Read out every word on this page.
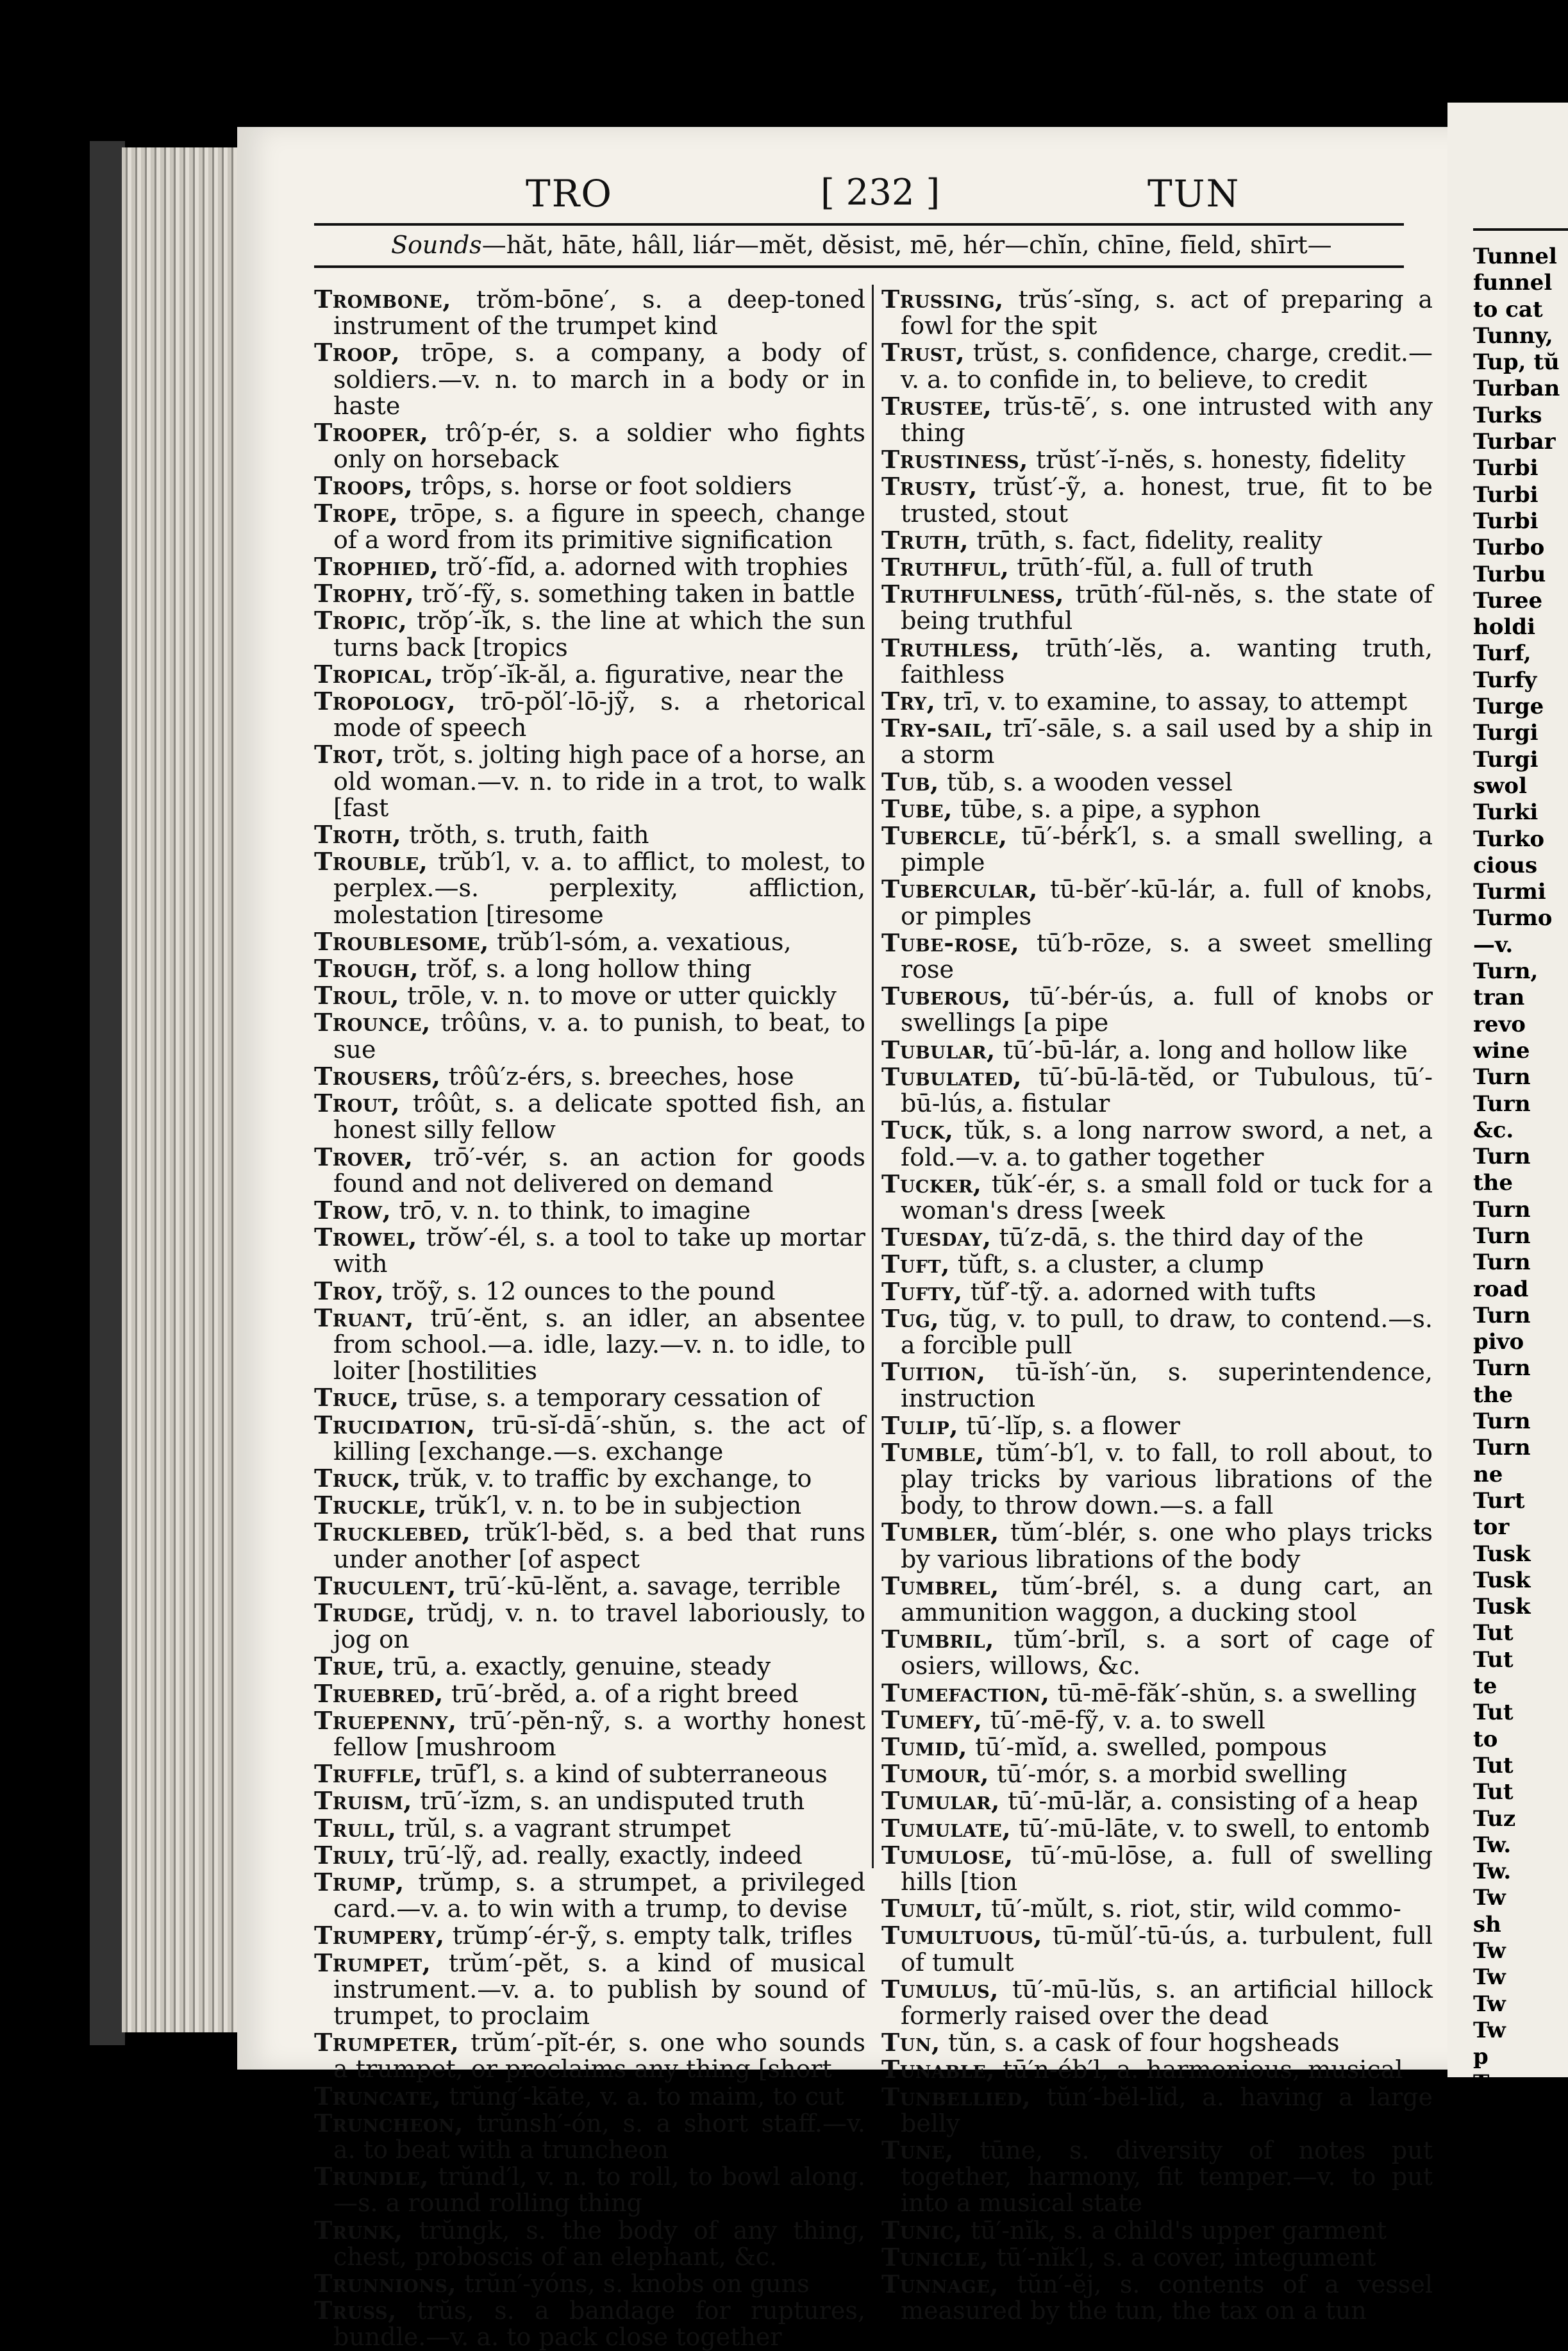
TRO	[ 232 ]	TUN
Sounds—hăt, hāte, hâll, liár—mĕt, dĕsist, mē, hér—chĭn, chīne, fīeld, shīrt—

Trombone, trŏm-bōne′, s. a deep-toned instrument of the trumpet kind

Troop, trōpe, s. a company, a body of soldiers.—v. n. to march in a body or in haste

Trooper, trô′p-ér, s. a soldier who fights only on horseback

Troops, trôps, s. horse or foot soldiers

Trope, trōpe, s. a figure in speech, change of a word from its primitive signification

Trophied, trŏ′-fĭd, a. adorned with trophies

Trophy, trŏ′-fỹ, s. something taken in battle

Tropic, trŏp′-ĭk, s. the line at which the sun turns back [tropics

Tropical, trŏp′-ĭk-ăl, a. figurative, near the

Tropology, trō-pŏl′-lō-jỹ, s. a rhetorical mode of speech

Trot, trŏt, s. jolting high pace of a horse, an old woman.—v. n. to ride in a trot, to walk [fast

Troth, trŏth, s. truth, faith

Trouble, trŭb′l, v. a. to afflict, to molest, to perplex.—s. perplexity, affliction, molestation [tiresome

Troublesome, trŭb′l-sóm, a. vexatious,

Trough, trŏf, s. a long hollow thing

Troul, trōle, v. n. to move or utter quickly

Trounce, trôûns, v. a. to punish, to beat, to sue

Trousers, trôû′z-érs, s. breeches, hose

Trout, trôût, s. a delicate spotted fish, an honest silly fellow

Trover, trō′-vér, s. an action for goods found and not delivered on demand

Trow, trō, v. n. to think, to imagine

Trowel, trŏw′-él, s. a tool to take up mortar with

Troy, trŏỹ, s. 12 ounces to the pound

Truant, trū′-ĕnt, s. an idler, an absentee from school.—a. idle, lazy.—v. n. to idle, to loiter [hostilities

Truce, trūse, s. a temporary cessation of

Trucidation, trū-sĭ-dā′-shŭn, s. the act of killing [exchange.—s. exchange

Truck, trŭk, v. to traffic by exchange, to

Truckle, trŭk′l, v. n. to be in subjection

Trucklebed, trŭk′l-bĕd, s. a bed that runs under another [of aspect

Truculent, trū′-kū-lĕnt, a. savage, terrible

Trudge, trŭdj, v. n. to travel laboriously, to jog on

True, trū, a. exactly, genuine, steady

Truebred, trū′-brĕd, a. of a right breed

Truepenny, trū′-pĕn-nỹ, s. a worthy honest fellow [mushroom

Truffle, trūf′l, s. a kind of subterraneous

Truism, trū′-ĭzm, s. an undisputed truth

Trull, trŭl, s. a vagrant strumpet

Truly, trū′-lỹ, ad. really, exactly, indeed

Trump, trŭmp, s. a strumpet, a privileged card.—v. a. to win with a trump, to devise

Trumpery, trŭmp′-ér-ỹ, s. empty talk, trifles

Trumpet, trŭm′-pĕt, s. a kind of musical instrument.—v. a. to publish by sound of trumpet, to proclaim

Trumpeter, trŭm′-pĭt-ér, s. one who sounds a trumpet, or proclaims any thing [short

Truncate, trŭng′-kāte, v. a. to maim, to cut

Truncheon, trŭnsh′-ón, s. a short staff.—v. a. to beat with a truncheon

Trundle, trŭnd′l, v. n. to roll, to bowl along.—s. a round rolling thing

Trunk, trŭngk, s. the body of any thing, chest, proboscis of an elephant, &c.

Trunnions, trŭn′-yóns, s. knobs on guns

Truss, trŭs, s. a bandage for ruptures, bundle.—v. a. to pack close together

Trussing, trŭs′-sĭng, s. act of preparing a fowl for the spit

Trust, trŭst, s. confidence, charge, credit.—v. a. to confide in, to believe, to credit

Trustee, trŭs-tē′, s. one intrusted with any thing

Trustiness, trŭst′-ĭ-nĕs, s. honesty, fidelity

Trusty, trŭst′-ỹ, a. honest, true, fit to be trusted, stout

Truth, trūth, s. fact, fidelity, reality

Truthful, trūth′-fŭl, a. full of truth

Truthfulness, trūth′-fŭl-nĕs, s. the state of being truthful

Truthless, trūth′-lĕs, a. wanting truth, faithless

Try, trī, v. to examine, to assay, to attempt

Try-sail, trī′-sāle, s. a sail used by a ship in a storm

Tub, tŭb, s. a wooden vessel

Tube, tūbe, s. a pipe, a syphon

Tubercle, tū′-bérk′l, s. a small swelling, a pimple

Tubercular, tū-bĕr′-kū-lár, a. full of knobs, or pimples

Tube-rose, tū′b-rōze, s. a sweet smelling rose

Tuberous, tū′-bér-ús, a. full of knobs or swellings [a pipe

Tubular, tū′-bū-lár, a. long and hollow like

Tubulated, tū′-bū-lā-tĕd, or Tubulous, tū′-bū-lús, a. fistular

Tuck, tŭk, s. a long narrow sword, a net, a fold.—v. a. to gather together

Tucker, tŭk′-ér, s. a small fold or tuck for a woman's dress [week

Tuesday, tū′z-dā, s. the third day of the

Tuft, tŭft, s. a cluster, a clump

Tufty, tŭf′-tỹ. a. adorned with tufts

Tug, tŭg, v. to pull, to draw, to contend.—s. a forcible pull

Tuition, tū-ĭsh′-ŭn, s. superintendence, instruction

Tulip, tū′-lĭp, s. a flower

Tumble, tŭm′-b′l, v. to fall, to roll about, to play tricks by various librations of the body, to throw down.—s. a fall

Tumbler, tŭm′-blér, s. one who plays tricks by various librations of the body

Tumbrel, tŭm′-brél, s. a dung cart, an ammunition waggon, a ducking stool

Tumbril, tŭm′-brĭl, s. a sort of cage of osiers, willows, &c.

Tumefaction, tū-mē-făk′-shŭn, s. a swelling

Tumefy, tū′-mē-fỹ, v. a. to swell

Tumid, tū′-mĭd, a. swelled, pompous

Tumour, tū′-mór, s. a morbid swelling

Tumular, tū′-mū-lăr, a. consisting of a heap

Tumulate, tū′-mū-lāte, v. to swell, to entomb

Tumulose, tū′-mū-lōse, a. full of swelling hills [tion

Tumult, tū′-mŭlt, s. riot, stir, wild commo-

Tumultuous, tū-mŭl′-tū-ús, a. turbulent, full of tumult

Tumulus, tū′-mū-lŭs, s. an artificial hillock formerly raised over the dead

Tun, tŭn, s. a cask of four hogsheads

Tunable, tū′n-éb′l, a. harmonious, musical

Tunbellied, tŭn′-bĕl-lĭd, a. having a large belly

Tune, tūne, s. diversity of notes put together, harmony, fit temper.—v. to put into a musical state

Tunic, tū′-nĭk, s. a child's upper garment

Tunicle, tū′-nĭk′l, s. a cover, integument

Tunnage, tŭn′-ĕj, s. contents of a vessel measured by the tun, the tax on a tun

Tunnel
funnel
to cat
Tunny,
Tup, tŭ
Turban
Turks
Turbar
Turbi
Turbi
Turbi
Turbo
Turbu
Turee
holdi
Turf,
Turfy
Turge
Turgi
Turgi
swol
Turki
Turko
cious
Turmi
Turmo
—v.
Turn,
tran
revo
wine
Turn
Turn
&c.
Turn
the
Turn
Turn
Turn
road
Turn
pivo
Turn
the
Turn
Turn
ne
Turt
tor
Tusk
Tusk
Tusk
Tut
Tut
te
Tut
to
Tut
Tut
Tuz
Tw.
Tw.
Tw
sh
Tw
Tw
Tw
Tw
p
Tw
